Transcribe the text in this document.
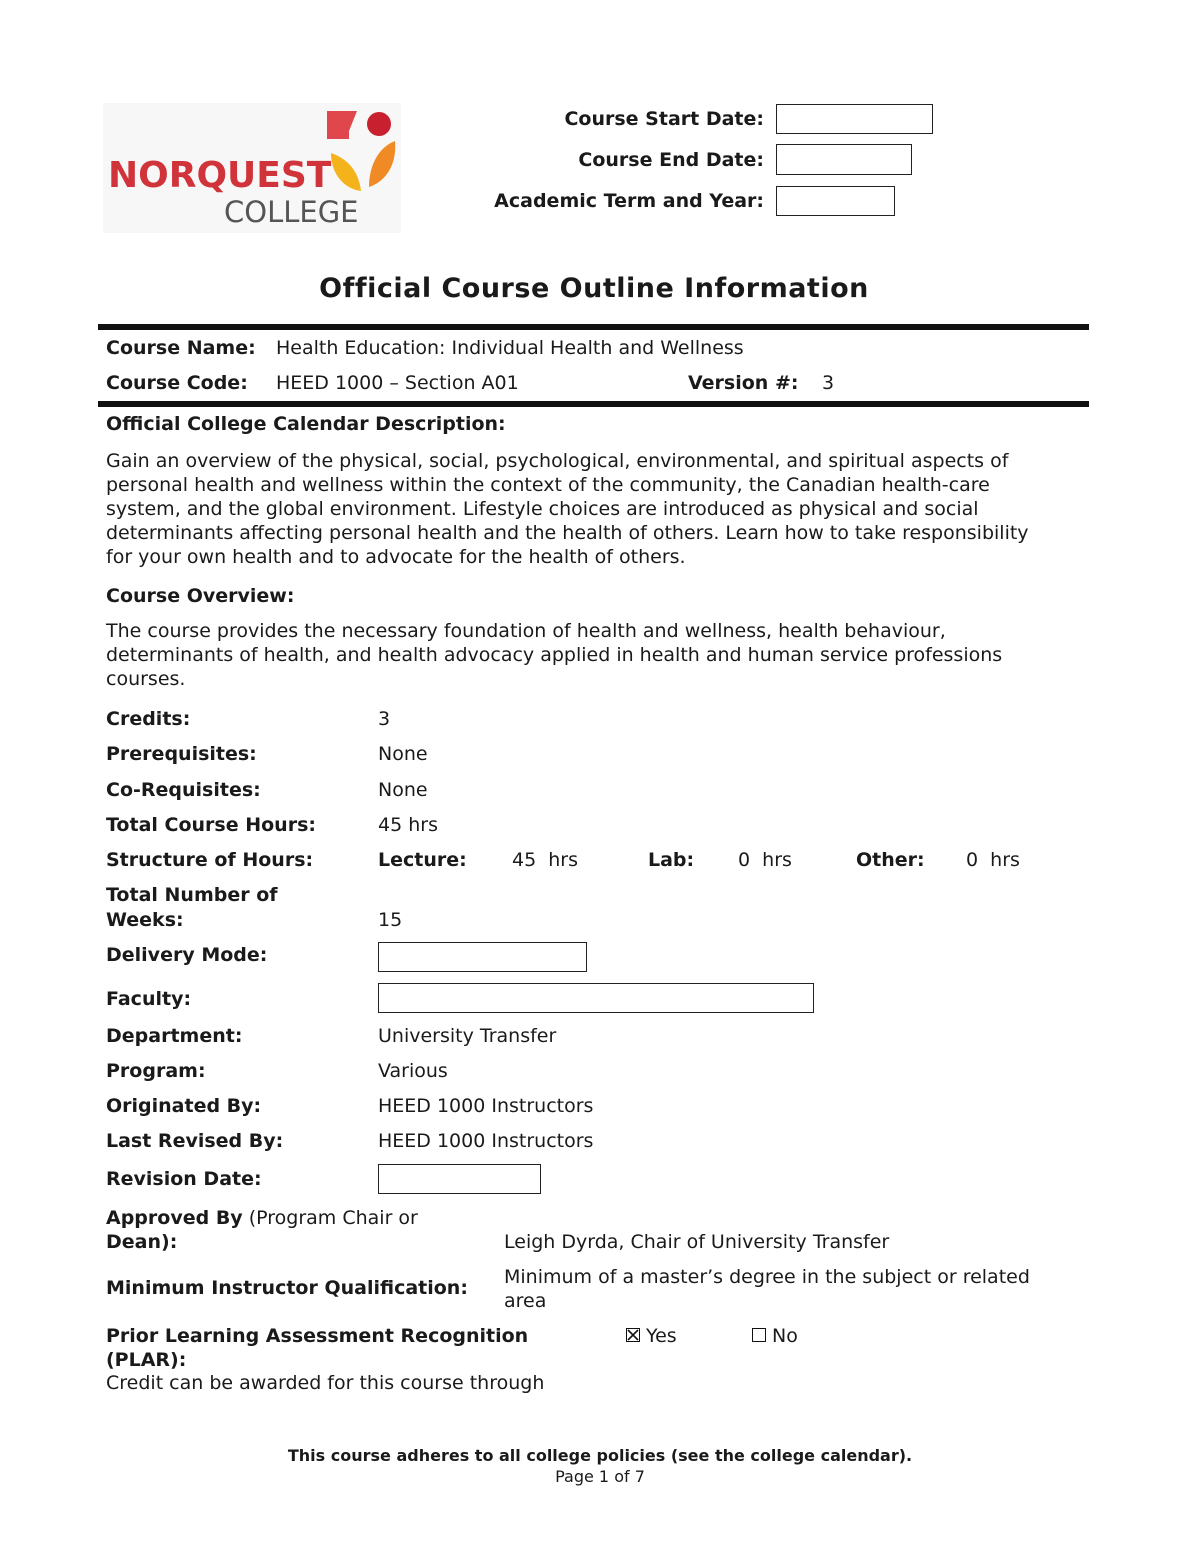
NORQUEST
COLLEGE
Course Start Date:
Course End Date:
Academic Term and Year:
Official Course Outline Information
Course Name: Health Education: Individual Health and Wellness
Course Code: HEED 1000 – Section A01	Version #: 3
Official College Calendar Description:
Gain an overview of the physical, social, psychological, environmental, and spiritual aspects of
personal health and wellness within the context of the community, the Canadian health-care
system, and the global environment. Lifestyle choices are introduced as physical and social
determinants affecting personal health and the health of others. Learn how to take responsibility
for your own health and to advocate for the health of others.
Course Overview:
The course provides the necessary foundation of health and wellness, health behaviour,
determinants of health, and health advocacy applied in health and human service professions
courses.
Credits:	3
Prerequisites:	None
Co-Requisites:	None
Total Course Hours:	45 hrs
Structure of Hours:	Lecture: 45  hrs	Lab: 0  hrs	Other: 0  hrs
Total Number of
Weeks:	15
Delivery Mode:
Faculty:
Department:	University Transfer
Program:	Various
Originated By:	HEED 1000 Instructors
Last Revised By:	HEED 1000 Instructors
Revision Date:
Approved By (Program Chair or
Dean):	Leigh Dyrda, Chair of University Transfer
Minimum Instructor Qualification: Minimum of a master’s degree in the subject or related
area
Prior Learning Assessment Recognition
(PLAR):
Yes	No
Credit can be awarded for this course through
This course adheres to all college policies (see the college calendar).
Page 1 of 7
